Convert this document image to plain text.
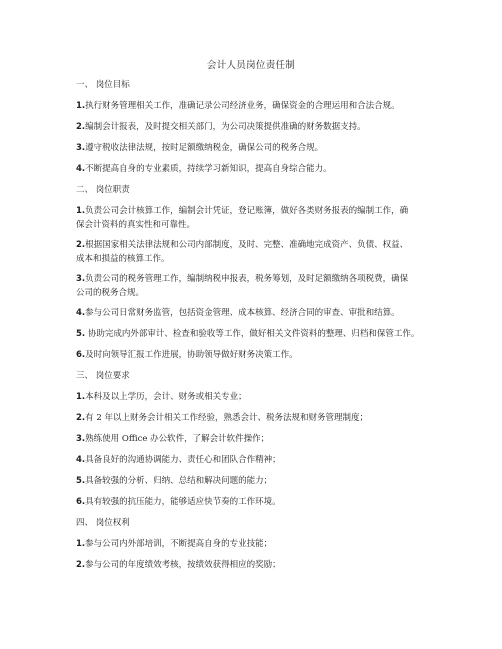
会计人员岗位责任制
一、 岗位目标
1.执行财务管理相关工作，准确记录公司经济业务，确保资金的合理运用和合法合规。
2.编制会计报表，及时提交相关部门，为公司决策提供准确的财务数据支持。
3.遵守税收法律法规，按时足额缴纳税金，确保公司的税务合规。
4.不断提高自身的专业素质，持续学习新知识，提高自身综合能力。
二、 岗位职责
1.负责公司会计核算工作，编制会计凭证，登记账簿，做好各类财务报表的编制工作，确
保会计资料的真实性和可靠性。
2.根据国家相关法律法规和公司内部制度，及时、完整、准确地完成资产、负债、权益、
成本和损益的核算工作。
3.负责公司的税务管理工作，编制纳税申报表，税务筹划，及时足额缴纳各项税费，确保
公司的税务合规。
4.参与公司日常财务监管，包括资金管理、成本核算、经济合同的审查、审批和结算。
5. 协助完成内外部审计、检查和验收等工作，做好相关文件资料的整理、归档和保管工作。
6.及时向领导汇报工作进展，协助领导做好财务决策工作。
三、 岗位要求
1.本科及以上学历，会计、财务或相关专业；
2.有 2 年以上财务会计相关工作经验，熟悉会计、税务法规和财务管理制度；
3.熟练使用 Office 办公软件，了解会计软件操作；
4.具备良好的沟通协调能力、责任心和团队合作精神；
5.具备较强的分析、归纳、总结和解决问题的能力；
6.具有较强的抗压能力，能够适应快节奏的工作环境。
四、 岗位权利
1.参与公司内外部培训，不断提高自身的专业技能；
2.参与公司的年度绩效考核，按绩效获得相应的奖励；
